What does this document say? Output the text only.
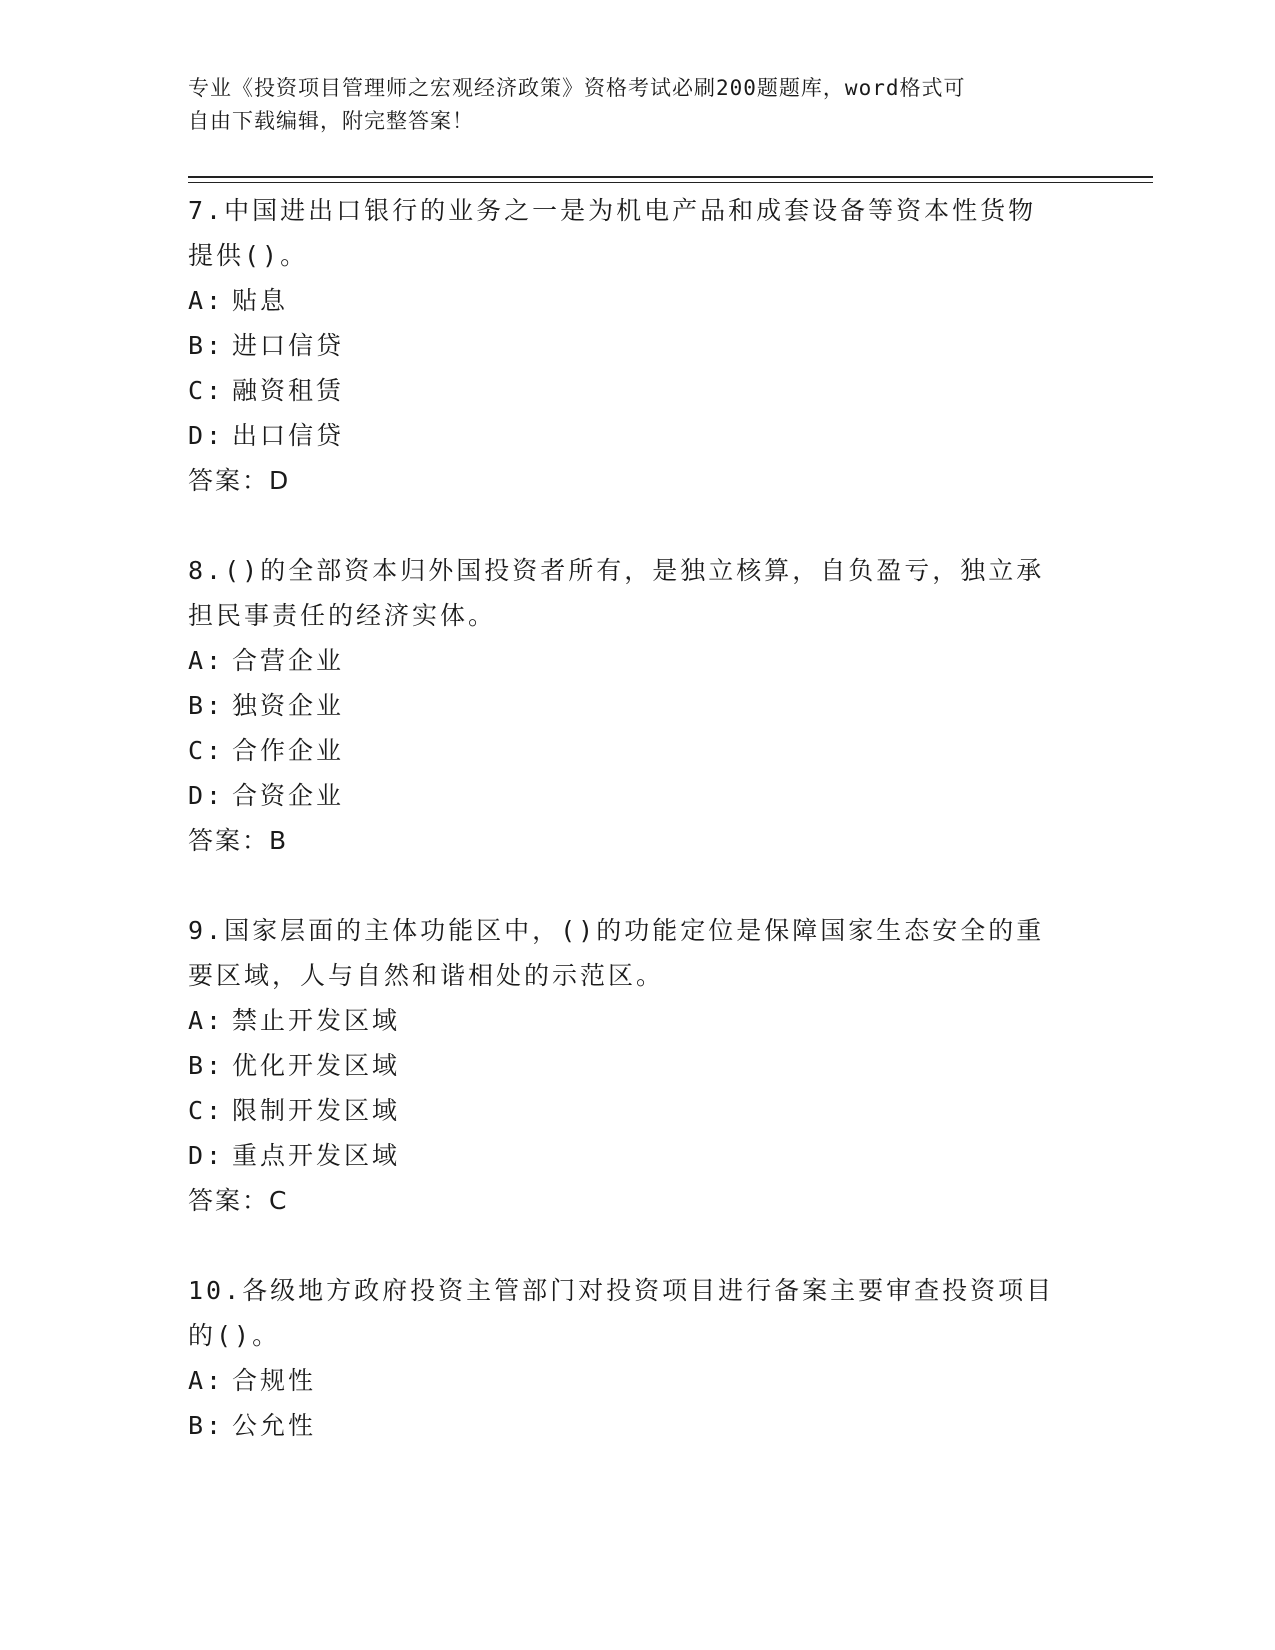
专业《投资项目管理师之宏观经济政策》资格考试必刷200题题库，word格式可
自由下载编辑，附完整答案！
7.中国进出口银行的业务之一是为机电产品和成套设备等资本性货物
提供()。
A: 贴息
B: 进口信贷
C: 融资租赁
D: 出口信贷
答案：D
8.()的全部资本归外国投资者所有，是独立核算，自负盈亏，独立承
担民事责任的经济实体。
A: 合营企业
B: 独资企业
C: 合作企业
D: 合资企业
答案：B
9.国家层面的主体功能区中，()的功能定位是保障国家生态安全的重
要区域，人与自然和谐相处的示范区。
A: 禁止开发区域
B: 优化开发区域
C: 限制开发区域
D: 重点开发区域
答案：C
10.各级地方政府投资主管部门对投资项目进行备案主要审查投资项目
的()。
A: 合规性
B: 公允性
